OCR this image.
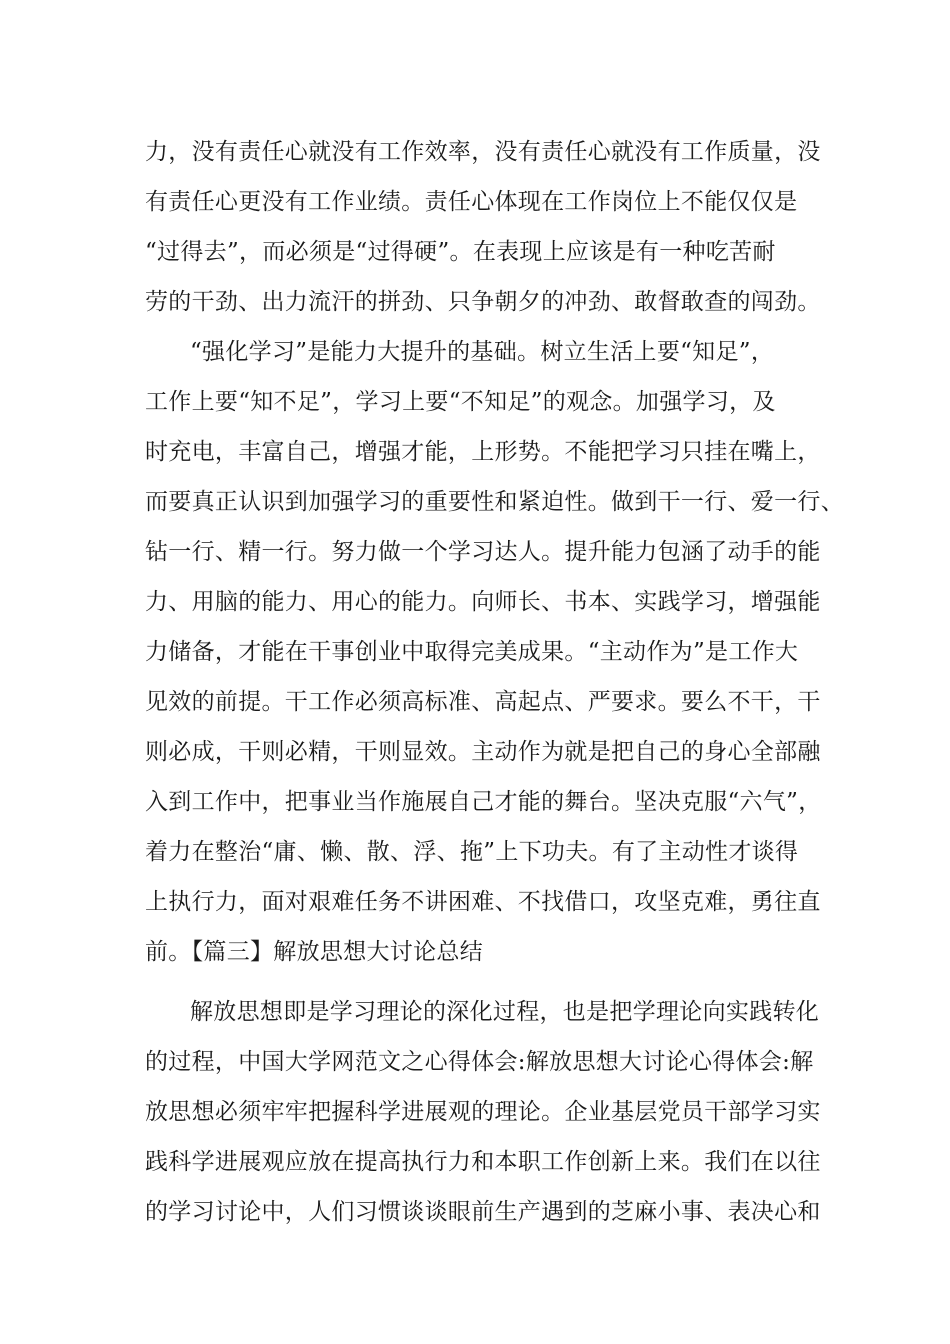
力，没有责任心就没有工作效率，没有责任心就没有工作质量，没
有责任心更没有工作业绩。责任心体现在工作岗位上不能仅仅是
“过得去”，而必须是“过得硬”。在表现上应该是有一种吃苦耐
劳的干劲、出力流汗的拼劲、只争朝夕的冲劲、敢督敢查的闯劲。
“强化学习”是能力大提升的基础。树立生活上要“知足”，
工作上要“知不足”，学习上要“不知足”的观念。加强学习，及
时充电，丰富自己，增强才能，上形势。不能把学习只挂在嘴上，
而要真正认识到加强学习的重要性和紧迫性。做到干一行、爱一行、
钻一行、精一行。努力做一个学习达人。提升能力包涵了动手的能
力、用脑的能力、用心的能力。向师长、书本、实践学习，增强能
力储备，才能在干事创业中取得完美成果。“主动作为”是工作大
见效的前提。干工作必须高标准、高起点、严要求。要么不干，干
则必成，干则必精，干则显效。主动作为就是把自己的身心全部融
入到工作中，把事业当作施展自己才能的舞台。坚决克服“六气”，
着力在整治“庸、懒、散、浮、拖”上下功夫。有了主动性才谈得
上执行力，面对艰难任务不讲困难、不找借口，攻坚克难，勇往直
前。【篇三】解放思想大讨论总结
解放思想即是学习理论的深化过程，也是把学理论向实践转化
的过程，中国大学网范文之心得体会:解放思想大讨论心得体会:解
放思想必须牢牢把握科学进展观的理论。企业基层党员干部学习实
践科学进展观应放在提高执行力和本职工作创新上来。我们在以往
的学习讨论中，人们习惯谈谈眼前生产遇到的芝麻小事、表决心和
